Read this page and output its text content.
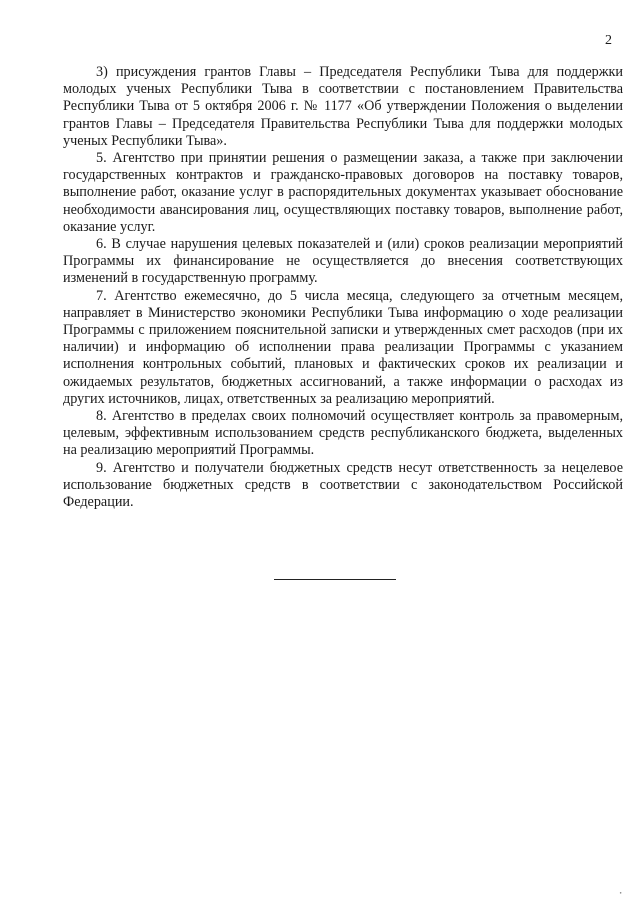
2

3) присуждения грантов Главы – Председателя Республики Тыва для поддержки молодых ученых Республики Тыва в соответствии с постановлением Правительства Республики Тыва от 5 октября 2006 г. № 1177 «Об утверждении Положения о выделении грантов Главы – Председателя Правительства Республики Тыва для поддержки молодых ученых Республики Тыва».

5. Агентство при принятии решения о размещении заказа, а также при заключении государственных контрактов и гражданско-правовых договоров на поставку товаров, выполнение работ, оказание услуг в распорядительных документах указывает обоснование необходимости авансирования лиц, осуществляющих поставку товаров, выполнение работ, оказание услуг.

6. В случае нарушения целевых показателей и (или) сроков реализации мероприятий Программы их финансирование не осуществляется до внесения соответствующих изменений в государственную программу.

7. Агентство ежемесячно, до 5 числа месяца, следующего за отчетным месяцем, направляет в Министерство экономики Республики Тыва информацию о ходе реализации Программы с приложением пояснительной записки и утвержденных смет расходов (при их наличии) и информацию об исполнении права реализации Программы с указанием исполнения контрольных событий, плановых и фактических сроков их реализации и ожидаемых результатов, бюджетных ассигнований, а также информации о расходах из других источников, лицах, ответственных за реализацию мероприятий.

8. Агентство в пределах своих полномочий осуществляет контроль за правомерным, целевым, эффективным использованием средств республиканского бюджета, выделенных на реализацию мероприятий Программы.

9. Агентство и получатели бюджетных средств несут ответственность за нецелевое использование бюджетных средств в соответствии с законодательством Российской Федерации.

ꞏ
